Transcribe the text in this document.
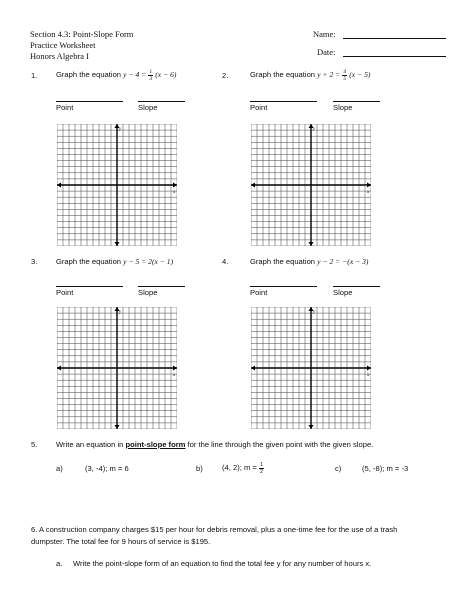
Section 4.3: Point-Slope Form
Practice Worksheet
Honors Algebra I
Name:
Date:
1. Graph the equation $y - 4 = \frac{1}{3} (x - 6)$
Point	Slope
2.	Graph the equation $y + 2 = \frac{4}{5} (x - 5)$
Point	Slope
3. Graph the equation y − 5 = 2(x − 1)
Point	Slope
4.	Graph the equation y − 2 = −(x − 3)
Point	Slope
x
y
x
y
x
y
x
y
5. Write an equation in point-slope form for the line through the given point with the given slope.
a)	(3, -4); m = 6	b)	(4, 2); $m = \frac{1}{2}$	c)	(5, -8); m = -3
6. A construction company charges $15 per hour for debris removal, plus a one-time fee for the use of a trash
dumpster. The total fee for 9 hours of service is $195.
a. Write the point-slope form of an equation to find the total fee y for any number of hours x.
